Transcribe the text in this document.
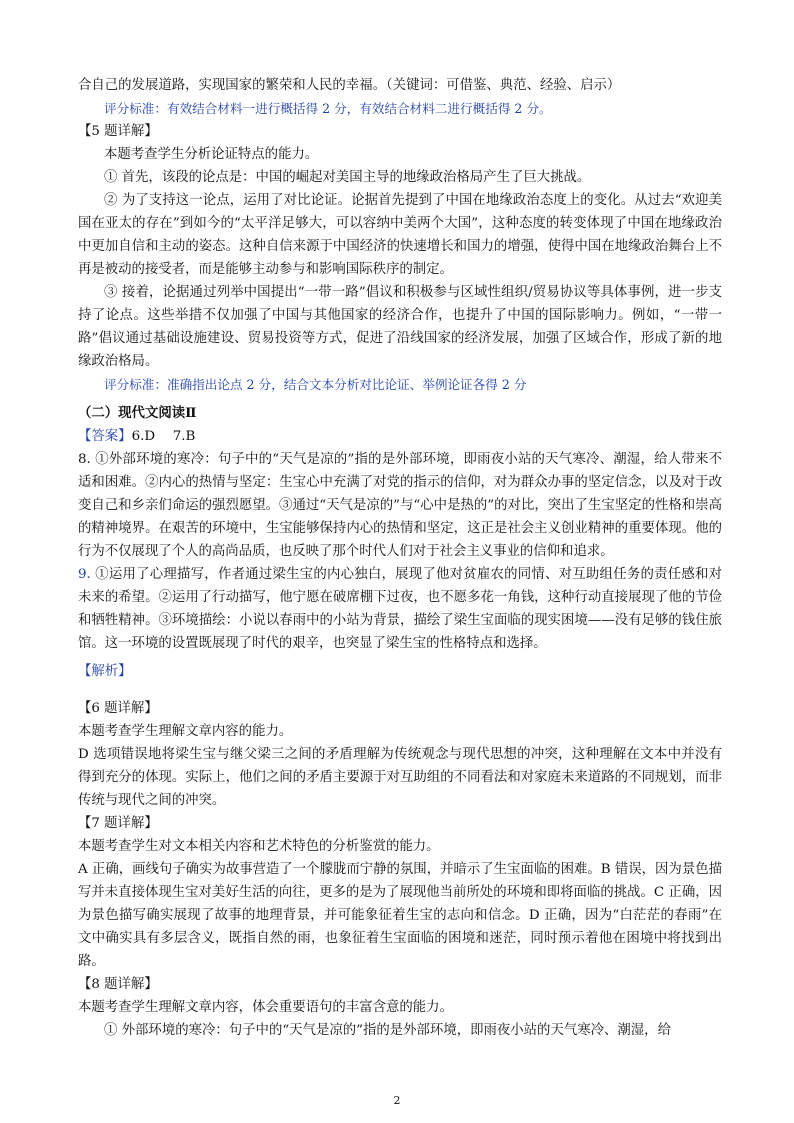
合自己的发展道路，实现国家的繁荣和人民的幸福。（关键词：可借鉴、典范、经验、启示）

评分标准：有效结合材料一进行概括得 2 分，有效结合材料二进行概括得 2 分。

【5 题详解】

本题考查学生分析论证特点的能力。

① 首先，该段的论点是：中国的崛起对美国主导的地缘政治格局产生了巨大挑战。

② 为了支持这一论点，运用了对比论证。论据首先提到了中国在地缘政治态度上的变化。从过去“欢迎美国在亚太的存在”到如今的“太平洋足够大，可以容纳中美两个大国”，这种态度的转变体现了中国在地缘政治中更加自信和主动的姿态。这种自信来源于中国经济的快速增长和国力的增强，使得中国在地缘政治舞台上不再是被动的接受者，而是能够主动参与和影响国际秩序的制定。

③ 接着，论据通过列举中国提出“一带一路”倡议和积极参与区域性组织/贸易协议等具体事例，进一步支持了论点。这些举措不仅加强了中国与其他国家的经济合作，也提升了中国的国际影响力。例如，“一带一路”倡议通过基础设施建设、贸易投资等方式，促进了沿线国家的经济发展，加强了区域合作，形成了新的地缘政治格局。

评分标准：准确指出论点 2 分，结合文本分析对比论证、举例论证各得 2 分

（二）现代文阅读Ⅱ

【答案】6.D　 7.B

8. ①外部环境的寒冷：句子中的“天气是凉的”指的是外部环境，即雨夜小站的天气寒冷、潮湿，给人带来不适和困难。②内心的热情与坚定：生宝心中充满了对党的指示的信仰，对为群众办事的坚定信念，以及对于改变自己和乡亲们命运的强烈愿望。③通过“天气是凉的”与“心中是热的”的对比，突出了生宝坚定的性格和崇高的精神境界。在艰苦的环境中，生宝能够保持内心的热情和坚定，这正是社会主义创业精神的重要体现。他的行为不仅展现了个人的高尚品质，也反映了那个时代人们对于社会主义事业的信仰和追求。

9. ①运用了心理描写，作者通过梁生宝的内心独白，展现了他对贫雇农的同情、对互助组任务的责任感和对未来的希望。②运用了行动描写，他宁愿在破席棚下过夜，也不愿多花一角钱，这种行动直接展现了他的节俭和牺牲精神。③环境描绘：小说以春雨中的小站为背景，描绘了梁生宝面临的现实困境——没有足够的钱住旅馆。这一环境的设置既展现了时代的艰辛，也突显了梁生宝的性格特点和选择。

【解析】

【6 题详解】

本题考查学生理解文章内容的能力。

D 选项错误地将梁生宝与继父梁三之间的矛盾理解为传统观念与现代思想的冲突，这种理解在文本中并没有得到充分的体现。实际上，他们之间的矛盾主要源于对互助组的不同看法和对家庭未来道路的不同规划，而非传统与现代之间的冲突。

【7 题详解】

本题考查学生对文本相关内容和艺术特色的分析鉴赏的能力。

A 正确，画线句子确实为故事营造了一个朦胧而宁静的氛围，并暗示了生宝面临的困难。B 错误，因为景色描写并未直接体现生宝对美好生活的向往，更多的是为了展现他当前所处的环境和即将面临的挑战。C 正确，因为景色描写确实展现了故事的地理背景，并可能象征着生宝的志向和信念。D 正确，因为“白茫茫的春雨”在文中确实具有多层含义，既指自然的雨，也象征着生宝面临的困境和迷茫，同时预示着他在困境中将找到出路。

【8 题详解】

本题考查学生理解文章内容，体会重要语句的丰富含意的能力。

① 外部环境的寒冷：句子中的“天气是凉的”指的是外部环境，即雨夜小站的天气寒冷、潮湿，给

2
